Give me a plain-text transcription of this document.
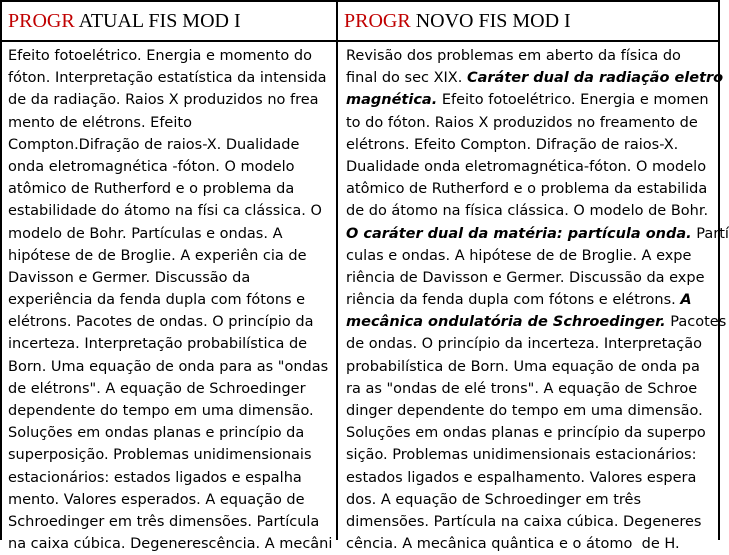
PROGR ATUAL FIS MOD I	PROGR NOVO FIS MOD I
Efeito fotoelétrico. Energia e momento do
fóton. Interpretação estatística da intensida
de da radiação. Raios X produzidos no frea
mento de elétrons. Efeito
Compton.Difração de raios-X. Dualidade
onda eletromagnética -fóton. O modelo
atômico de Rutherford e o problema da
estabilidade do átomo na físi ca clássica. O
modelo de Bohr. Partículas e ondas. A
hipótese de de Broglie. A experiên cia de
Davisson e Germer. Discussão da
experiência da fenda dupla com fótons e
elétrons. Pacotes de ondas. O princípio da
incerteza. Interpretação probabilística de
Born. Uma equação de onda para as "ondas
de elétrons". A equação de Schroedinger
dependente do tempo em uma dimensão.
Soluções em ondas planas e princípio da
superposição. Problemas unidimensionais
estacionários: estados ligados e espalha
mento. Valores esperados. A equação de
Schroedinger em três dimensões. Partícula
na caixa cúbica. Degenerescência. A mecâni
Revisão dos problemas em aberto da física do
final do sec XIX. Caráter dual da radiação eletro
magnética. Efeito fotoelétrico. Energia e momen
to do fóton. Raios X produzidos no freamento de
elétrons. Efeito Compton. Difração de raios-X.
Dualidade onda eletromagnética-fóton. O modelo
atômico de Rutherford e o problema da estabilida
de do átomo na física clássica. O modelo de Bohr.
O caráter dual da matéria: partícula onda. Partí
culas e ondas. A hipótese de de Broglie. A expe
riência de Davisson e Germer. Discussão da expe
riência da fenda dupla com fótons e elétrons. A
mecânica ondulatória de Schroedinger. Pacotes
de ondas. O princípio da incerteza. Interpretação
probabilística de Born. Uma equação de onda pa
ra as "ondas de elé trons". A equação de Schroe
dinger dependente do tempo em uma dimensão.
Soluções em ondas planas e princípio da superpo
sição. Problemas unidimensionais estacionários:
estados ligados e espalhamento. Valores espera
dos. A equação de Schroedinger em três
dimensões. Partícula na caixa cúbica. Degeneres
cência. A mecânica quântica e o átomo  de H.
